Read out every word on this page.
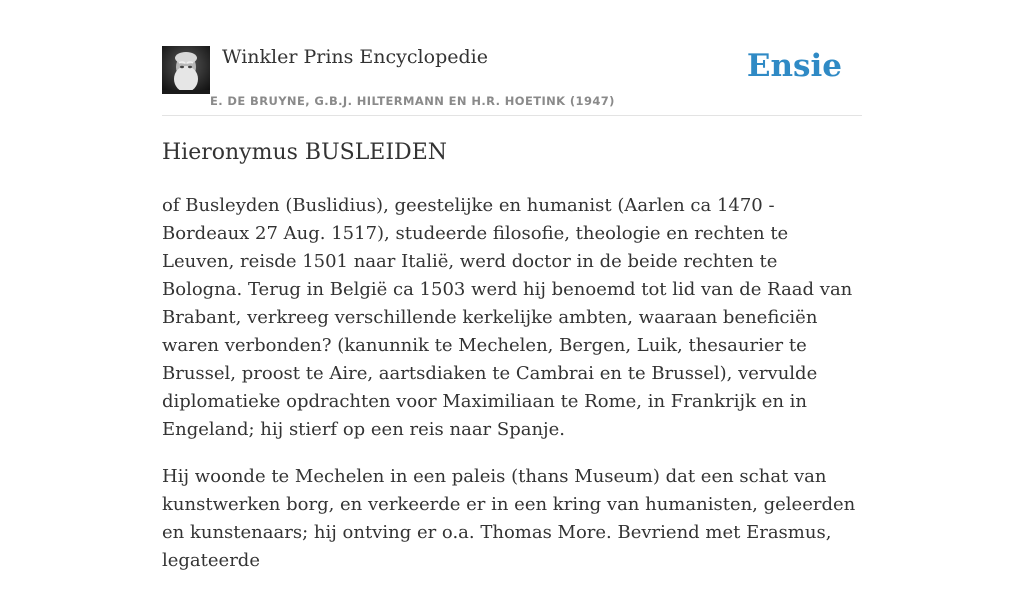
Winkler Prins Encyclopedie
E. DE BRUYNE, G.B.J. HILTERMANN EN H.R. HOETINK (1947)
Ensie
Hieronymus BUSLEIDEN

of Busleyden (Buslidius), geestelijke en humanist (Aarlen ca 1470 - Bordeaux 27 Aug. 1517), studeerde filosofie, theologie en rechten te Leuven, reisde 1501 naar Italië, werd doctor in de beide rechten te Bologna. Terug in België ca 1503 werd hij benoemd tot lid van de Raad van Brabant, verkreeg verschillende kerkelijke ambten, waaraan beneficiën waren verbonden? (kanunnik te Mechelen, Bergen, Luik, thesaurier te Brussel, proost te Aire, aartsdiaken te Cambrai en te Brussel), vervulde diplomatieke opdrachten voor Maximiliaan te Rome, in Frankrijk en in Engeland; hij stierf op een reis naar Spanje.

Hij woonde te Mechelen in een paleis (thans Museum) dat een schat van kunstwerken borg, en verkeerde er in een kring van humanisten, geleerden en kunstenaars; hij ontving er o.a. Thomas More. Bevriend met Erasmus, legateerde
